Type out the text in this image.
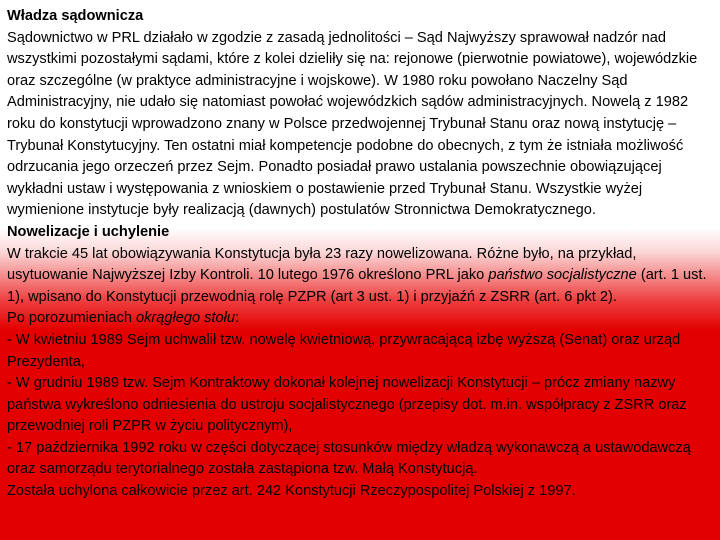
Władza sądownicza

Sądownictwo w PRL działało w zgodzie z zasadą jednolitości – Sąd Najwyższy sprawował nadzór nad wszystkimi pozostałymi sądami, które z kolei dzieliły się na: rejonowe (pierwotnie powiatowe), wojewódzkie oraz szczególne (w praktyce administracyjne i wojskowe). W 1980 roku powołano Naczelny Sąd Administracyjny, nie udało się natomiast powołać wojewódzkich sądów administracyjnych. Nowelą z 1982 roku do konstytucji wprowadzono znany w Polsce przedwojennej Trybunał Stanu oraz nową instytucję – Trybunał Konstytucyjny. Ten ostatni miał kompetencje podobne do obecnych, z tym że istniała możliwość odrzucania jego orzeczeń przez Sejm. Ponadto posiadał prawo ustalania powszechnie obowiązującej wykładni ustaw i występowania z wnioskiem o postawienie przed Trybunał Stanu. Wszystkie wyżej wymienione instytucje były realizacją (dawnych) postulatów Stronnictwa Demokratycznego.

Nowelizacje i uchylenie

W trakcie 45 lat obowiązywania Konstytucja była 23 razy nowelizowana. Różne było, na przykład, usytuowanie Najwyższej Izby Kontroli. 10 lutego 1976 określono PRL jako państwo socjalistyczne (art. 1 ust. 1), wpisano do Konstytucji przewodnią rolę PZPR (art 3 ust. 1) i przyjaźń z ZSRR (art. 6 pkt 2).

Po porozumieniach okrągłego stołu:

- W kwietniu 1989 Sejm uchwalił tzw. nowelę kwietniową, przywracającą izbę wyższą (Senat) oraz urząd Prezydenta,

- W grudniu 1989 tzw. Sejm Kontraktowy dokonał kolejnej nowelizacji Konstytucji – prócz zmiany nazwy państwa wykreślono odniesienia do ustroju socjalistycznego (przepisy dot. m.in. współpracy z ZSRR oraz przewodniej roli PZPR w życiu politycznym),

- 17 października 1992 roku w części dotyczącej stosunków między władzą wykonawczą a ustawodawczą oraz samorządu terytorialnego została zastąpiona tzw. Małą Konstytucją.

Została uchylona całkowicie przez art. 242 Konstytucji Rzeczypospolitej Polskiej z 1997.
